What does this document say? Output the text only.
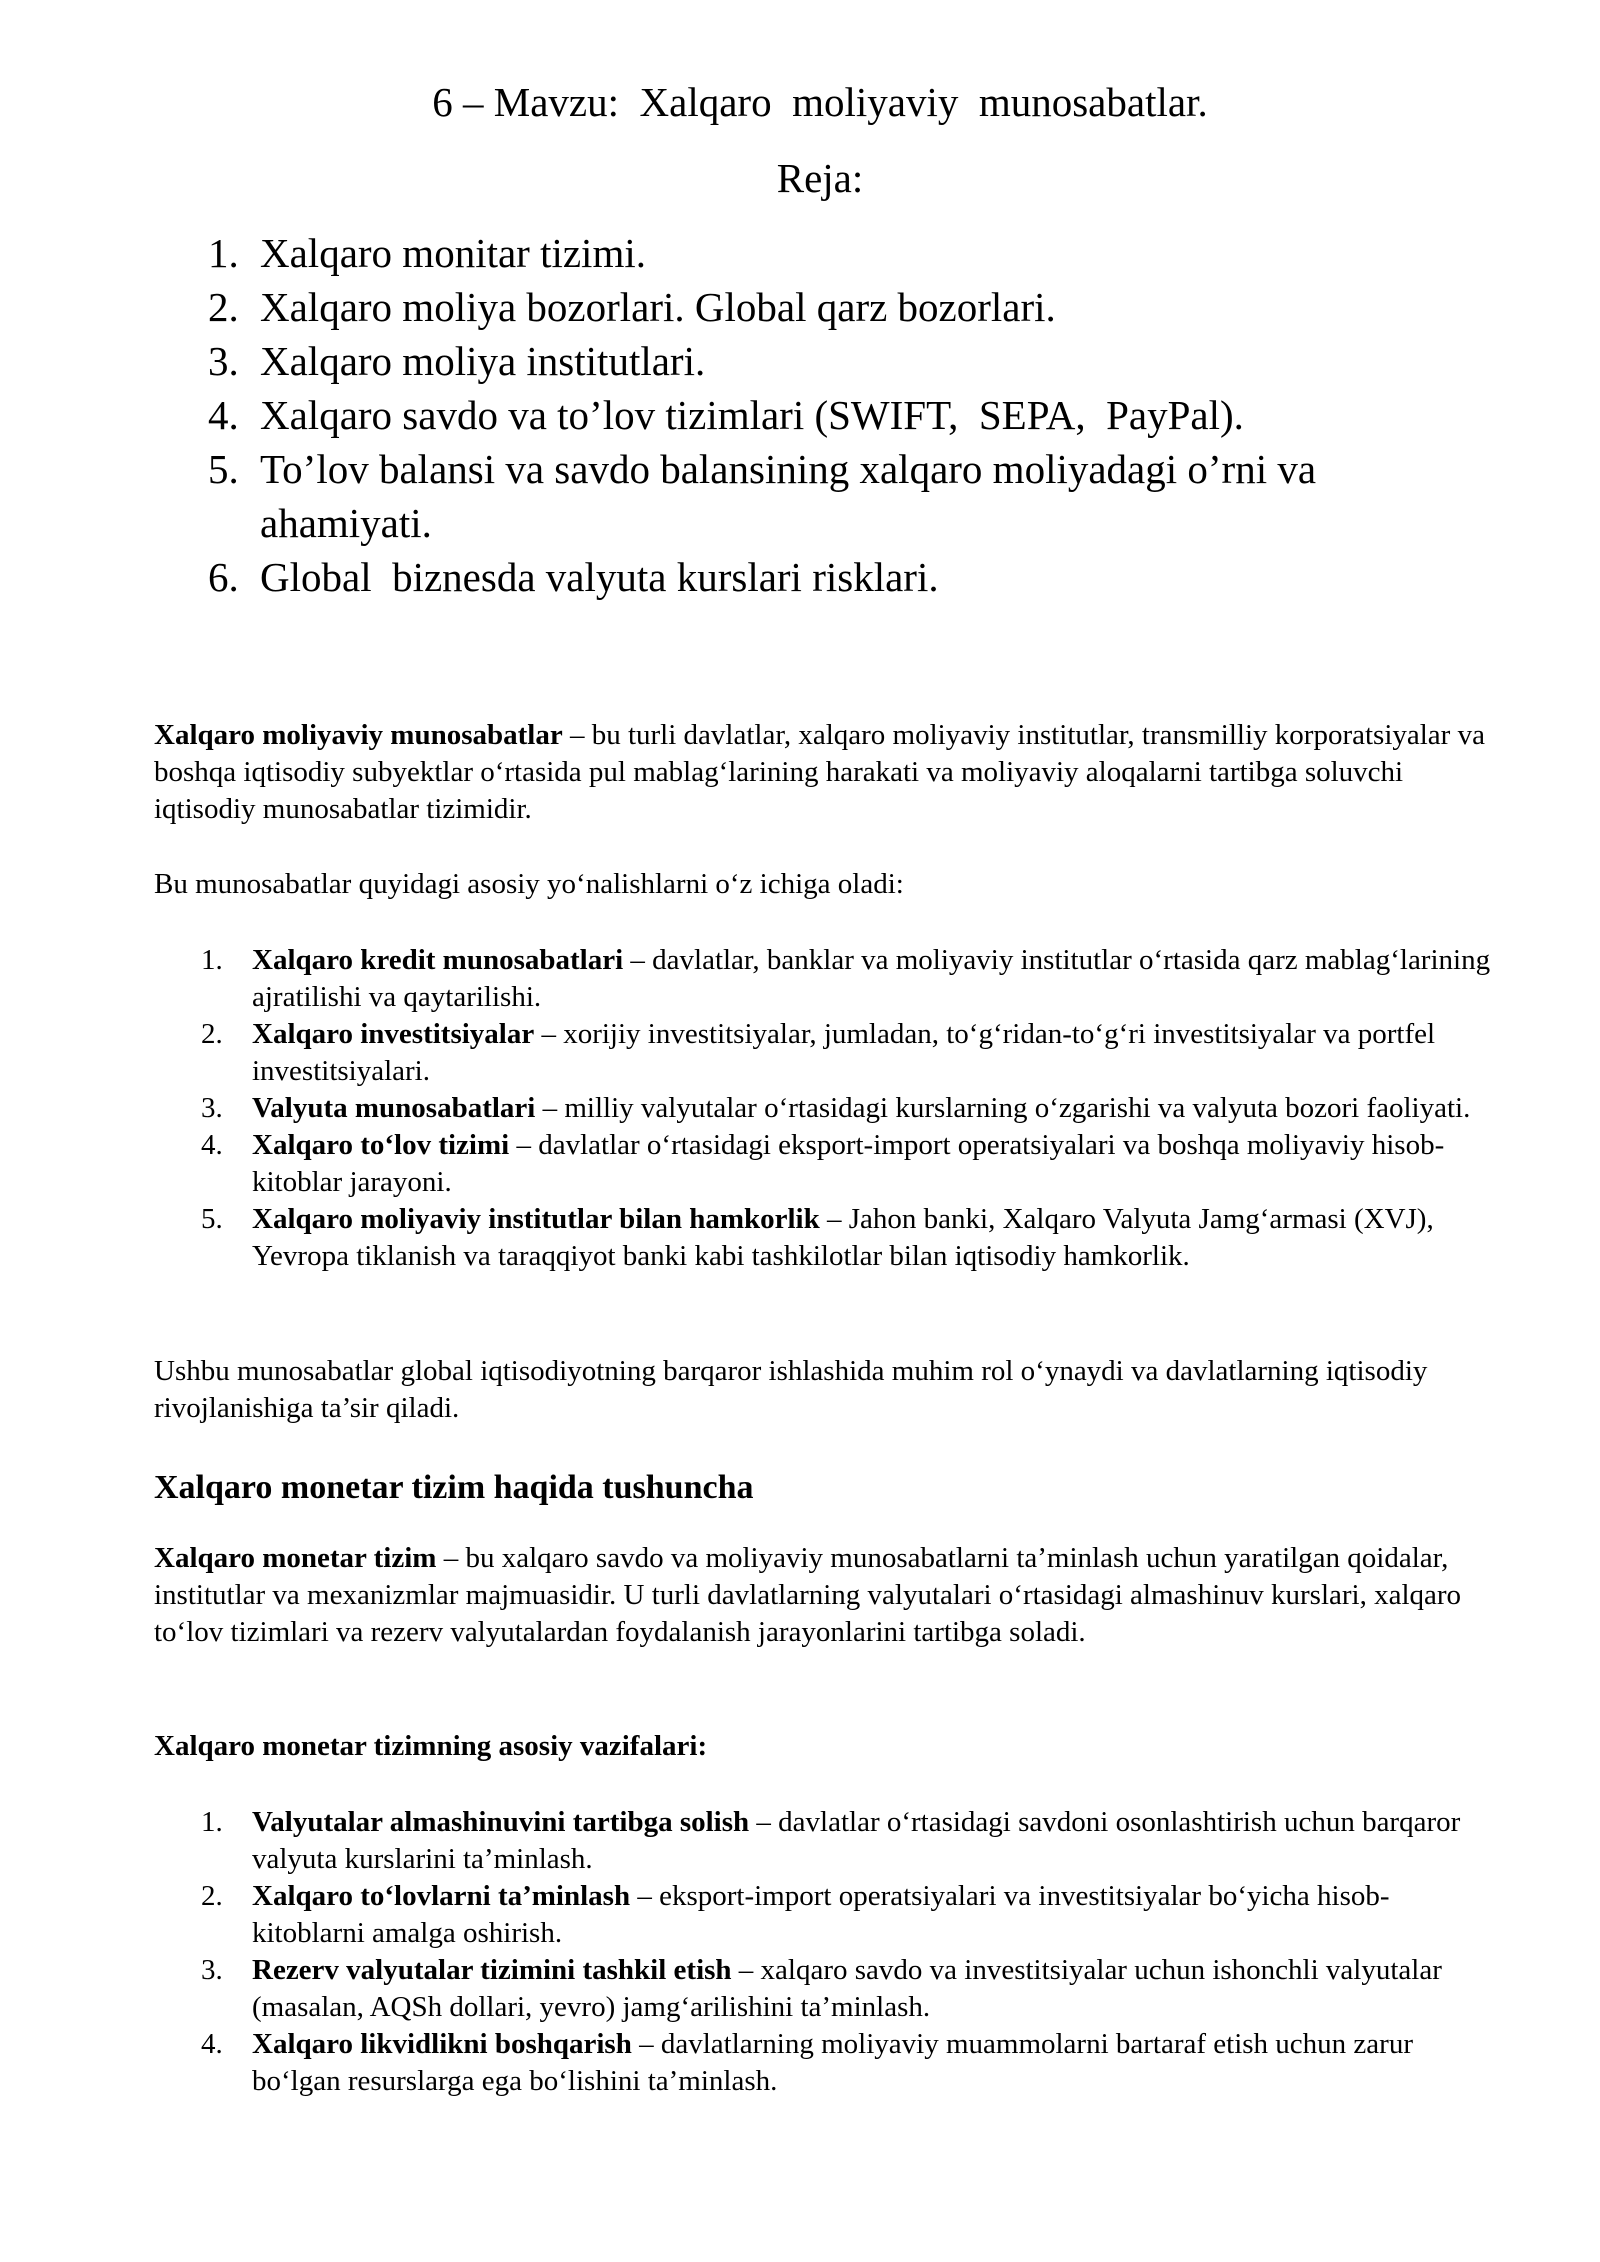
6 – Mavzu:  Xalqaro  moliyaviy  munosabatlar.
Reja:
1. Xalqaro monitar tizimi.
2. Xalqaro moliya bozorlari. Global qarz bozorlari.
3. Xalqaro moliya institutlari.
4. Xalqaro savdo va to’lov tizimlari (SWIFT,  SEPA,  PayPal).
5. To’lov balansi va savdo balansining xalqaro moliyadagi o’rni va ahamiyati.
6. Global  biznesda valyuta kurslari risklari.

Xalqaro moliyaviy munosabatlar – bu turli davlatlar, xalqaro moliyaviy institutlar, transmilliy korporatsiyalar va boshqa iqtisodiy subyektlar o‘rtasida pul mablag‘larining harakati va moliyaviy aloqalarni tartibga soluvchi iqtisodiy munosabatlar tizimidir.

Bu munosabatlar quyidagi asosiy yo‘nalishlarni o‘z ichiga oladi:

1. Xalqaro kredit munosabatlari – davlatlar, banklar va moliyaviy institutlar o‘rtasida qarz mablag‘larining ajratilishi va qaytarilishi.
2. Xalqaro investitsiyalar – xorijiy investitsiyalar, jumladan, to‘g‘ridan-to‘g‘ri investitsiyalar va portfel investitsiyalari.
3. Valyuta munosabatlari – milliy valyutalar o‘rtasidagi kurslarning o‘zgarishi va valyuta bozori faoliyati.
4. Xalqaro to‘lov tizimi – davlatlar o‘rtasidagi eksport-import operatsiyalari va boshqa moliyaviy hisob-kitoblar jarayoni.
5. Xalqaro moliyaviy institutlar bilan hamkorlik – Jahon banki, Xalqaro Valyuta Jamg‘armasi (XVJ), Yevropa tiklanish va taraqqiyot banki kabi tashkilotlar bilan iqtisodiy hamkorlik.

Ushbu munosabatlar global iqtisodiyotning barqaror ishlashida muhim rol o‘ynaydi va davlatlarning iqtisodiy rivojlanishiga ta’sir qiladi.

Xalqaro monetar tizim haqida tushuncha

Xalqaro monetar tizim – bu xalqaro savdo va moliyaviy munosabatlarni ta’minlash uchun yaratilgan qoidalar, institutlar va mexanizmlar majmuasidir. U turli davlatlarning valyutalari o‘rtasidagi almashinuv kurslari, xalqaro to‘lov tizimlari va rezerv valyutalardan foydalanish jarayonlarini tartibga soladi.

Xalqaro monetar tizimning asosiy vazifalari:
1. Valyutalar almashinuvini tartibga solish – davlatlar o‘rtasidagi savdoni osonlashtirish uchun barqaror valyuta kurslarini ta’minlash.
2. Xalqaro to‘lovlarni ta’minlash – eksport-import operatsiyalari va investitsiyalar bo‘yicha hisob-kitoblarni amalga oshirish.
3. Rezerv valyutalar tizimini tashkil etish – xalqaro savdo va investitsiyalar uchun ishonchli valyutalar (masalan, AQSh dollari, yevro) jamg‘arilishini ta’minlash.
4. Xalqaro likvidlikni boshqarish – davlatlarning moliyaviy muammolarni bartaraf etish uchun zarur bo‘lgan resurslarga ega bo‘lishini ta’minlash.
